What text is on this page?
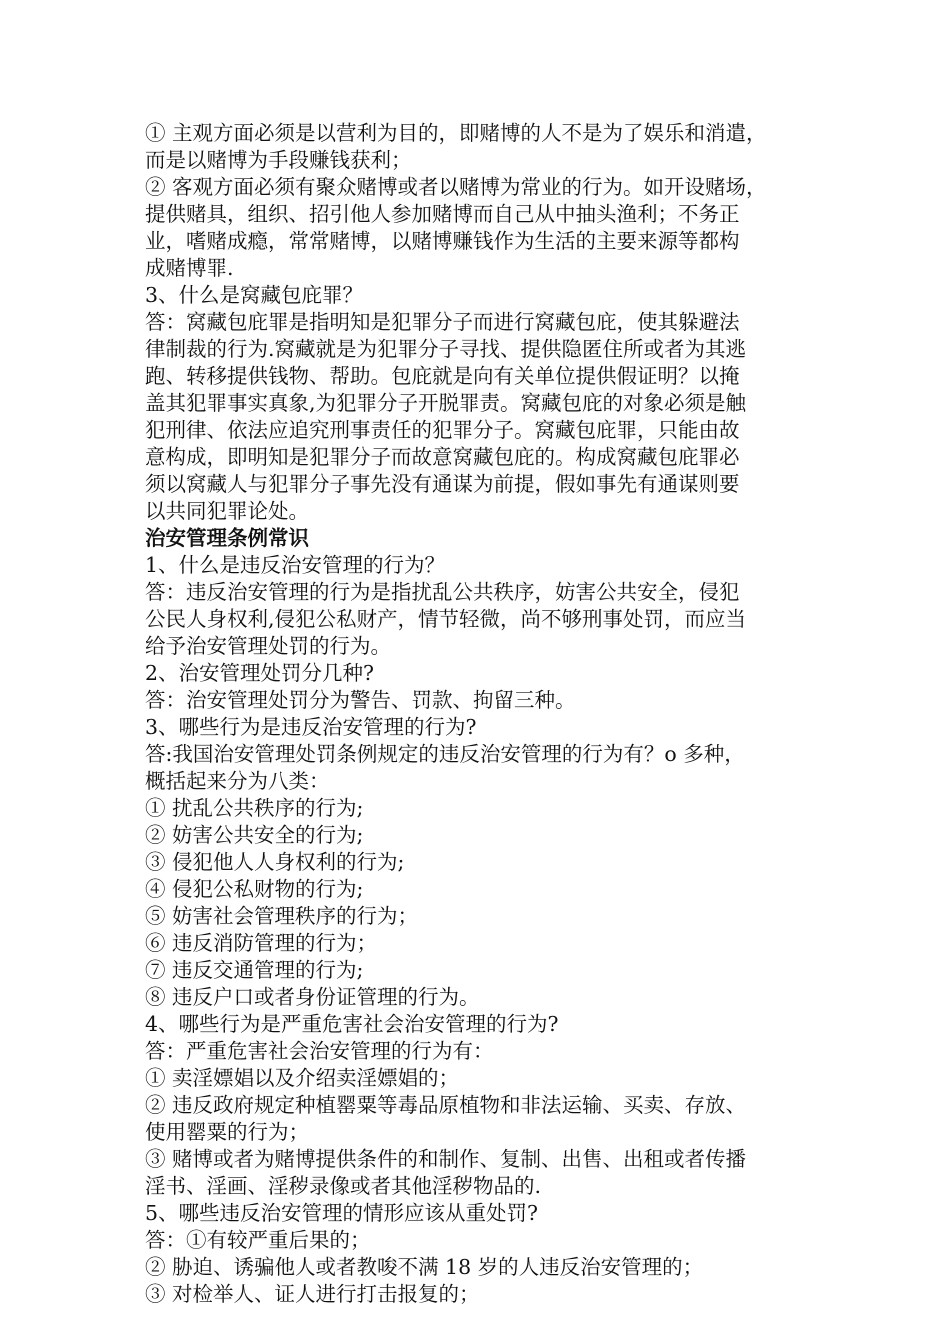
① 主观方面必须是以营利为目的，即赌博的人不是为了娱乐和消遣，
而是以赌博为手段赚钱获利；
② 客观方面必须有聚众赌博或者以赌博为常业的行为。如开设赌场，
提供赌具，组织、招引他人参加赌博而自己从中抽头渔利；不务正
业，嗜赌成瘾，常常赌博，以赌博赚钱作为生活的主要来源等都构
成赌博罪.
3、什么是窝藏包庇罪？
答：窝藏包庇罪是指明知是犯罪分子而进行窝藏包庇，使其躲避法
律制裁的行为.窝藏就是为犯罪分子寻找、提供隐匿住所或者为其逃
跑、转移提供钱物、帮助。包庇就是向有关单位提供假证明？以掩
盖其犯罪事实真象,为犯罪分子开脱罪责。窝藏包庇的对象必须是触
犯刑律、依法应追究刑事责任的犯罪分子。窝藏包庇罪，只能由故
意构成，即明知是犯罪分子而故意窝藏包庇的。构成窝藏包庇罪必
须以窝藏人与犯罪分子事先没有通谋为前提，假如事先有通谋则要
以共同犯罪论处。
治安管理条例常识
1、什么是违反治安管理的行为？
答：违反治安管理的行为是指扰乱公共秩序，妨害公共安全，侵犯
公民人身权利,侵犯公私财产，情节轻微，尚不够刑事处罚，而应当
给予治安管理处罚的行为。
2、治安管理处罚分几种?
答：治安管理处罚分为警告、罚款、拘留三种。
3、哪些行为是违反治安管理的行为?
答:我国治安管理处罚条例规定的违反治安管理的行为有？o 多种，
概括起来分为八类：
① 扰乱公共秩序的行为;
② 妨害公共安全的行为;
③ 侵犯他人人身权利的行为;
④ 侵犯公私财物的行为;
⑤ 妨害社会管理秩序的行为；
⑥ 违反消防管理的行为；
⑦ 违反交通管理的行为;
⑧ 违反户口或者身份证管理的行为。
4、哪些行为是严重危害社会治安管理的行为?
答：严重危害社会治安管理的行为有：
① 卖淫嫖娼以及介绍卖淫嫖娼的；
② 违反政府规定种植罂粟等毒品原植物和非法运输、买卖、存放、
使用罂粟的行为；
③ 赌博或者为赌博提供条件的和制作、复制、出售、出租或者传播
淫书、淫画、淫秽录像或者其他淫秽物品的.
5、哪些违反治安管理的情形应该从重处罚?
答：①有较严重后果的；
② 胁迫、诱骗他人或者教唆不满 18 岁的人违反治安管理的；
③ 对检举人、证人进行打击报复的；
